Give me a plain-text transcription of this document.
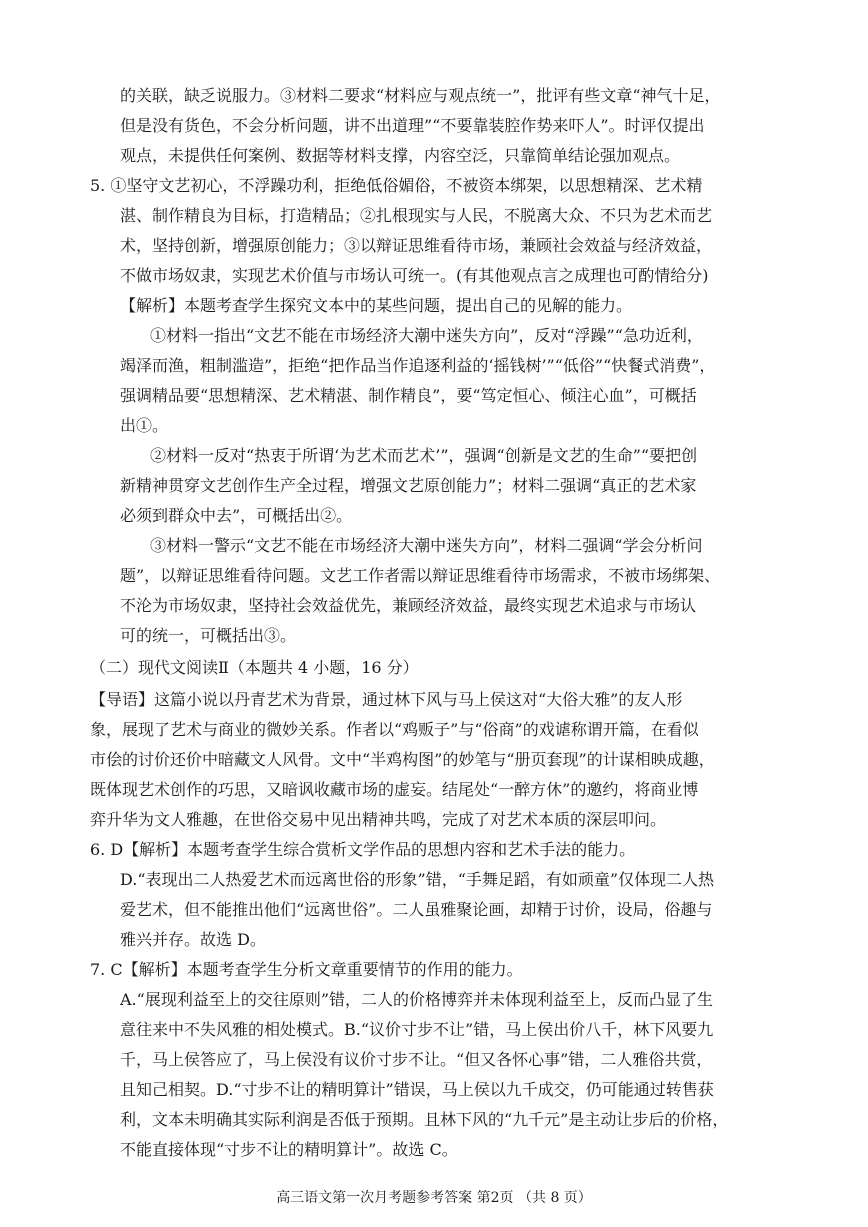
的关联，缺乏说服力。③材料二要求“材料应与观点统一”，批评有些文章“神气十足，
但是没有货色，不会分析问题，讲不出道理”“不要靠装腔作势来吓人”。时评仅提出
观点，未提供任何案例、数据等材料支撑，内容空泛，只靠简单结论强加观点。
5. ①坚守文艺初心，不浮躁功利，拒绝低俗媚俗，不被资本绑架，以思想精深、艺术精
湛、制作精良为目标，打造精品；②扎根现实与人民，不脱离大众、不只为艺术而艺
术，坚持创新，增强原创能力；③以辩证思维看待市场，兼顾社会效益与经济效益，
不做市场奴隶，实现艺术价值与市场认可统一。(有其他观点言之成理也可酌情给分)
【解析】本题考查学生探究文本中的某些问题，提出自己的见解的能力。
①材料一指出“文艺不能在市场经济大潮中迷失方向”，反对“浮躁”“急功近利，
竭泽而渔，粗制滥造”，拒绝“把作品当作追逐利益的‘摇钱树’”“低俗”“快餐式消费”，
强调精品要“思想精深、艺术精湛、制作精良”，要“笃定恒心、倾注心血”，可概括
出①。
②材料一反对“热衷于所谓‘为艺术而艺术’”，强调“创新是文艺的生命”“要把创
新精神贯穿文艺创作生产全过程，增强文艺原创能力”；材料二强调“真正的艺术家
必须到群众中去”，可概括出②。
③材料一警示“文艺不能在市场经济大潮中迷失方向”，材料二强调“学会分析问
题”，以辩证思维看待问题。文艺工作者需以辩证思维看待市场需求，不被市场绑架、
不沦为市场奴隶，坚持社会效益优先，兼顾经济效益，最终实现艺术追求与市场认
可的统一，可概括出③。
（二）现代文阅读Ⅱ（本题共 4 小题，16 分）
【导语】这篇小说以丹青艺术为背景，通过林下风与马上侯这对“大俗大雅”的友人形
象，展现了艺术与商业的微妙关系。作者以“鸡贩子”与“俗商”的戏谑称谓开篇，在看似
市侩的讨价还价中暗藏文人风骨。文中“半鸡构图”的妙笔与“册页套现”的计谋相映成趣，
既体现艺术创作的巧思，又暗讽收藏市场的虚妄。结尾处“一醉方休”的邀约，将商业博
弈升华为文人雅趣，在世俗交易中见出精神共鸣，完成了对艺术本质的深层叩问。
6. D【解析】本题考查学生综合赏析文学作品的思想内容和艺术手法的能力。
D.“表现出二人热爱艺术而远离世俗的形象”错，“手舞足蹈，有如顽童”仅体现二人热
爱艺术，但不能推出他们“远离世俗”。二人虽雅聚论画，却精于讨价，设局，俗趣与
雅兴并存。故选 D。
7. C【解析】本题考查学生分析文章重要情节的作用的能力。
A.“展现利益至上的交往原则”错，二人的价格博弈并未体现利益至上，反而凸显了生
意往来中不失风雅的相处模式。B.“议价寸步不让”错，马上侯出价八千，林下风要九
千，马上侯答应了，马上侯没有议价寸步不让。“但又各怀心事”错，二人雅俗共赏，
且知己相契。D.“寸步不让的精明算计”错误，马上侯以九千成交，仍可能通过转售获
利，文本未明确其实际利润是否低于预期。且林下风的“九千元”是主动让步后的价格，
不能直接体现“寸步不让的精明算计”。故选 C。
高三语文第一次月考题参考答案 第2页 （共 8 页）
